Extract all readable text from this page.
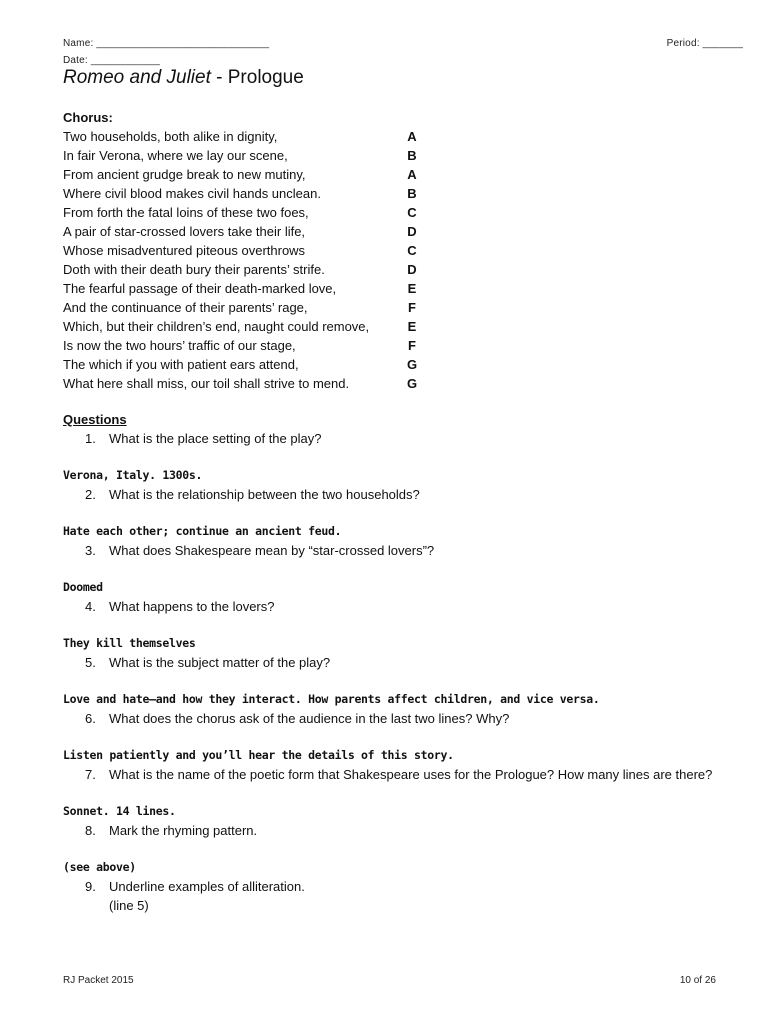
Name: ______________________________
Date: ____________
Period: _______
Romeo and Juliet - Prologue
Chorus:
Two households, both alike in dignity,	A
In fair Verona, where we lay our scene,	B
From ancient grudge break to new mutiny,	A
Where civil blood makes civil hands unclean.	B
From forth the fatal loins of these two foes,	C
A pair of star-crossed lovers take their life,	D
Whose misadventured piteous overthrows	C
Doth with their death bury their parents’ strife.	D
The fearful passage of their death-marked love,	E
And the continuance of their parents’ rage,	F
Which, but their children’s end, naught could remove,	E
Is now the two hours’ traffic of our stage,	F
The which if you with patient ears attend,	G
What here shall miss, our toil shall strive to mend.	G
Questions
1. What is the place setting of the play?
Verona, Italy. 1300s.
2. What is the relationship between the two households?
Hate each other; continue an ancient feud.
3. What does Shakespeare mean by “star-crossed lovers”?
Doomed
4. What happens to the lovers?
They kill themselves
5. What is the subject matter of the play?
Love and hate—and how they interact. How parents affect children, and vice versa.
6. What does the chorus ask of the audience in the last two lines? Why?
Listen patiently and you’ll hear the details of this story.
7. What is the name of the poetic form that Shakespeare uses for the Prologue? How many lines are there?
Sonnet. 14 lines.
8. Mark the rhyming pattern.
(see above)
9. Underline examples of alliteration.
(line 5)
RJ Packet 2015	10 of 26
